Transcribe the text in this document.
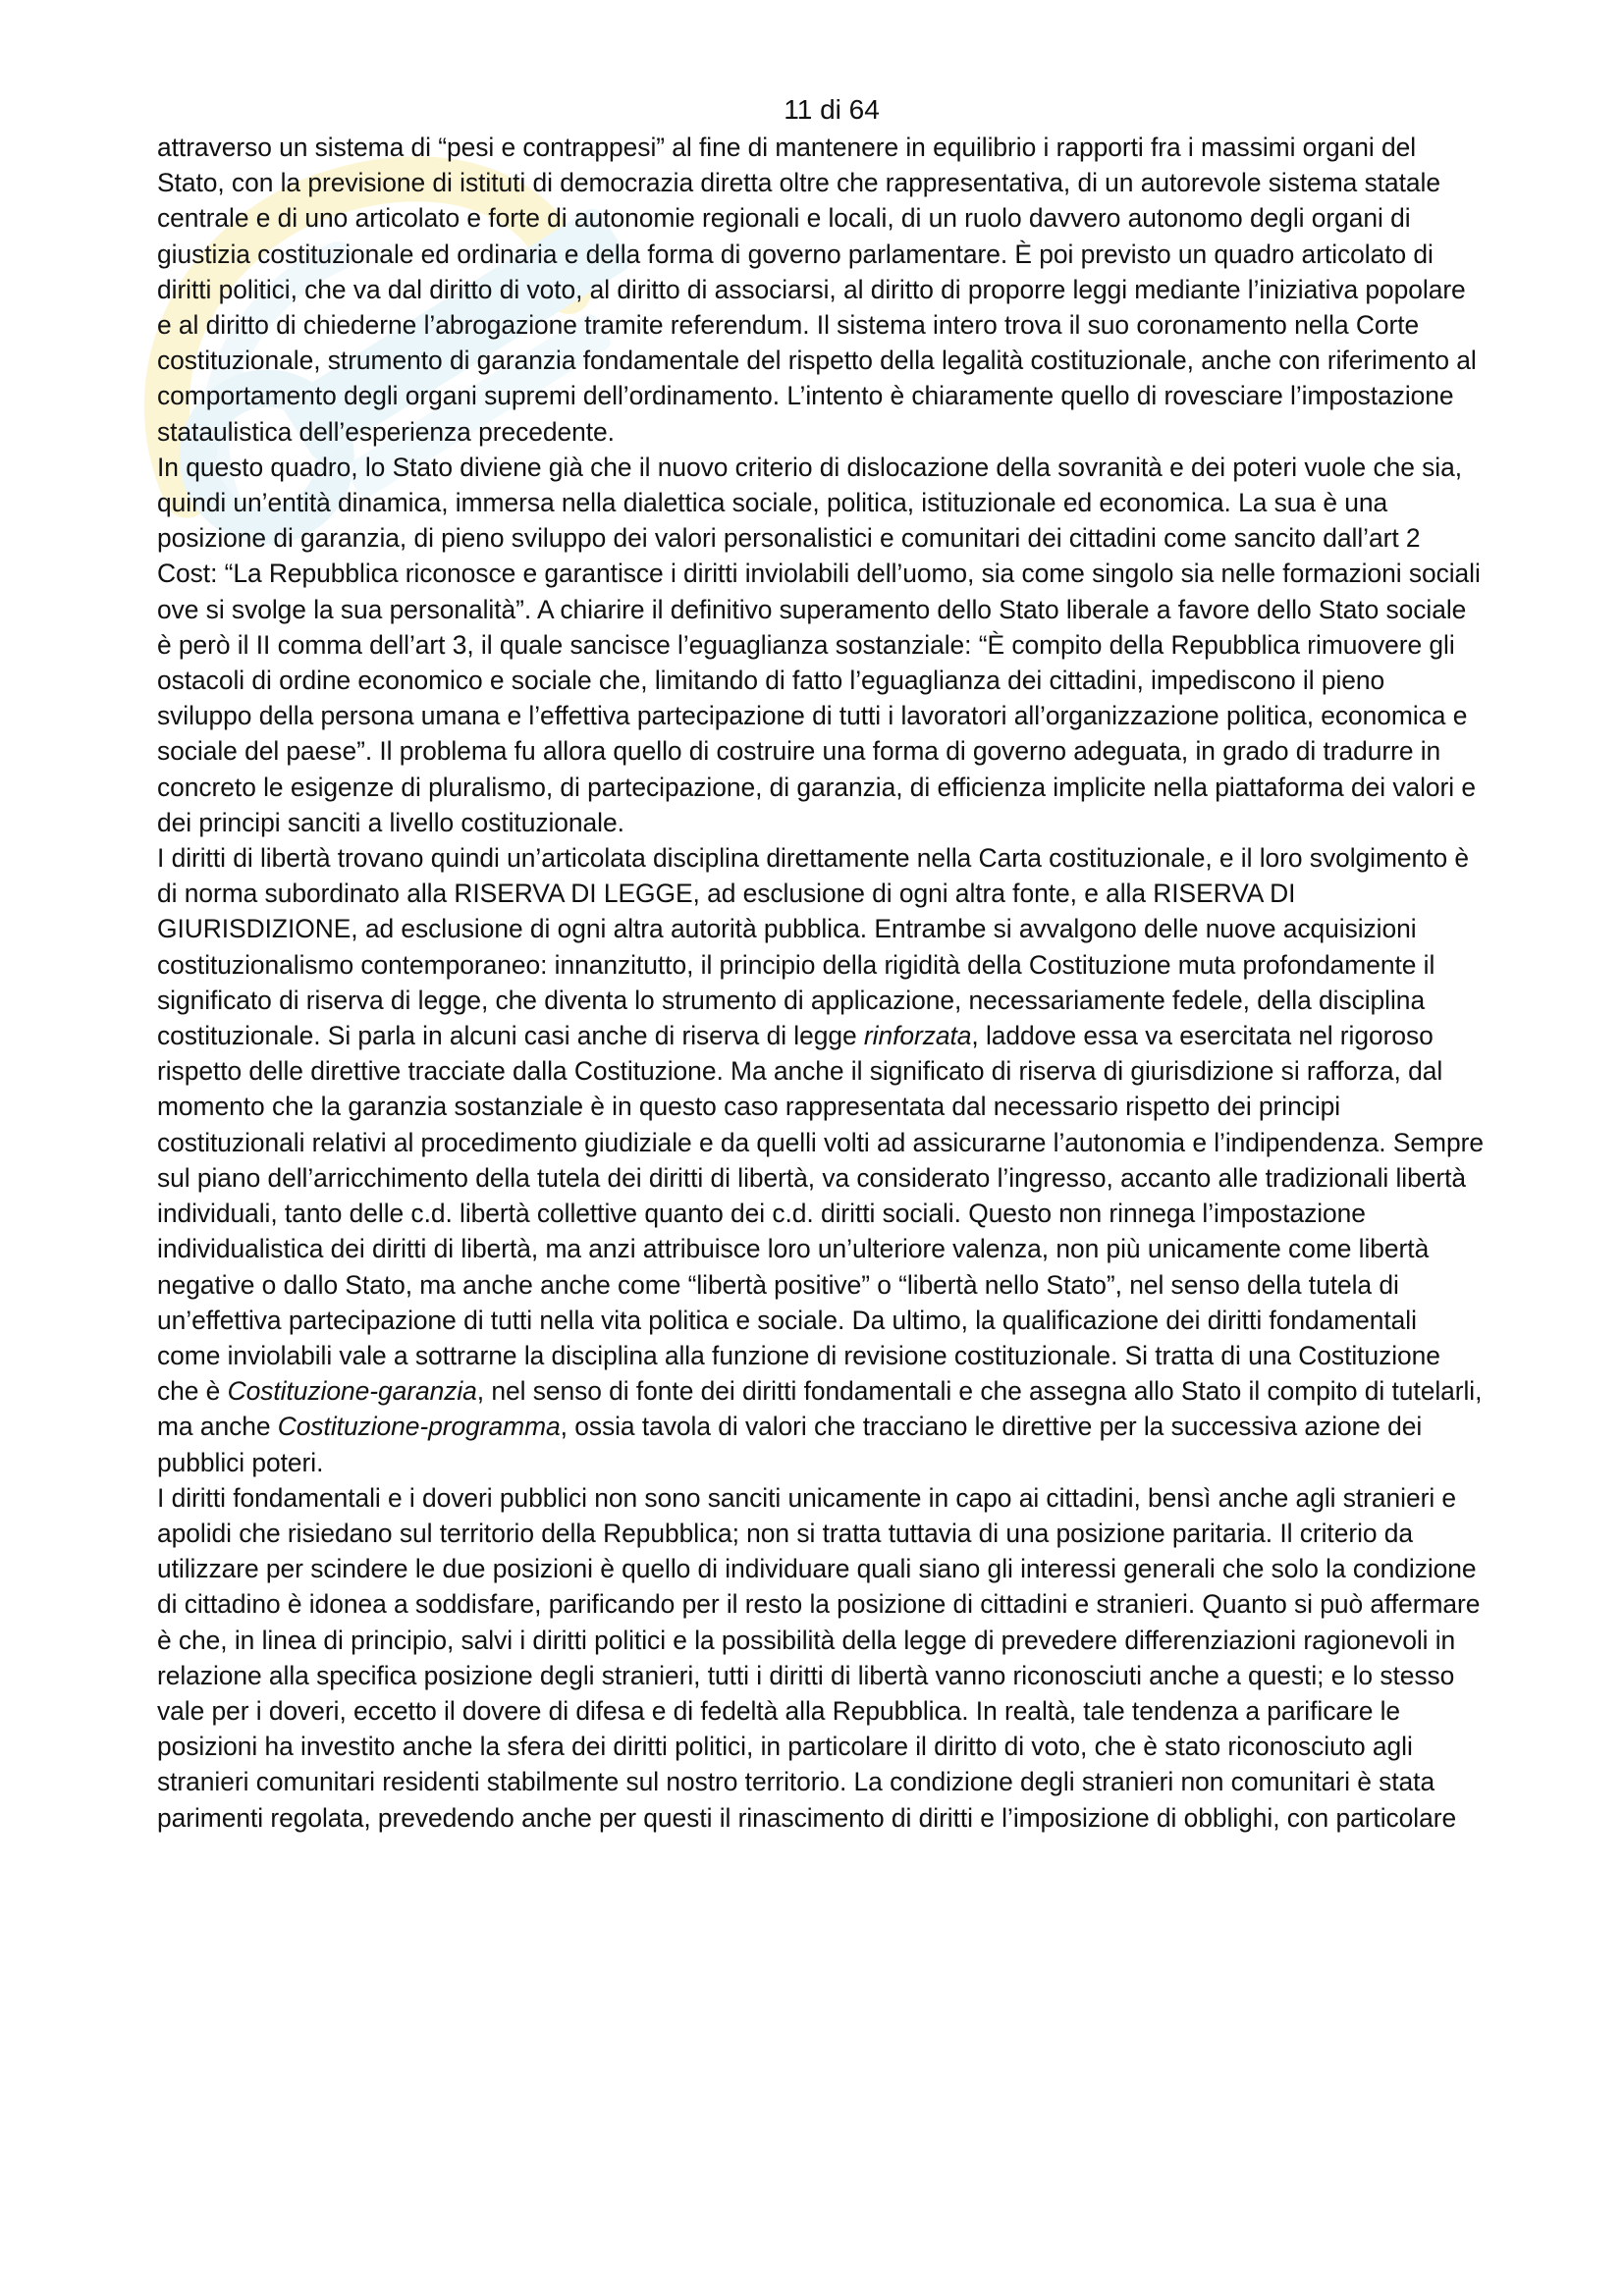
11 di 64

attraverso un sistema di “pesi e contrappesi” al fine di mantenere in equilibrio i rapporti fra i massimi organi del Stato, con la previsione di istituti di democrazia diretta oltre che rappresentativa, di un autorevole sistema statale centrale e di uno articolato e forte di autonomie regionali e locali, di un ruolo davvero autonomo degli organi di giustizia costituzionale ed ordinaria e della forma di governo parlamentare. È poi previsto un quadro articolato di diritti politici, che va dal diritto di voto, al diritto di associarsi, al diritto di proporre leggi mediante l’iniziativa popolare e al diritto di chiederne l’abrogazione tramite referendum. Il sistema intero trova il suo coronamento nella Corte costituzionale, strumento di garanzia fondamentale del rispetto della legalità costituzionale, anche con riferimento al comportamento degli organi supremi dell’ordinamento. L’intento è chiaramente quello di rovesciare l’impostazione stataulistica dell’esperienza precedente.

In questo quadro, lo Stato diviene già che il nuovo criterio di dislocazione della sovranità e dei poteri vuole che sia, quindi un’entità dinamica, immersa nella dialettica sociale, politica, istituzionale ed economica. La sua è una posizione di garanzia, di pieno sviluppo dei valori personalistici e comunitari dei cittadini come sancito dall’art 2 Cost: “La Repubblica riconosce e garantisce i diritti inviolabili dell’uomo, sia come singolo sia nelle formazioni sociali ove si svolge la sua personalità”. A chiarire il definitivo superamento dello Stato liberale a favore dello Stato sociale è però il II comma dell’art 3, il quale sancisce l’eguaglianza sostanziale: “È compito della Repubblica rimuovere gli ostacoli di ordine economico e sociale che, limitando di fatto l’eguaglianza dei cittadini, impediscono il pieno sviluppo della persona umana e l’effettiva partecipazione di tutti i lavoratori all’organizzazione politica, economica e sociale del paese”. Il problema fu allora quello di costruire una forma di governo adeguata, in grado di tradurre in concreto le esigenze di pluralismo, di partecipazione, di garanzia, di efficienza implicite nella piattaforma dei valori e dei principi sanciti a livello costituzionale.

I diritti di libertà trovano quindi un’articolata disciplina direttamente nella Carta costituzionale, e il loro svolgimento è di norma subordinato alla RISERVA DI LEGGE, ad esclusione di ogni altra fonte, e alla RISERVA DI GIURISDIZIONE, ad esclusione di ogni altra autorità pubblica. Entrambe si avvalgono delle nuove acquisizioni costituzionalismo contemporaneo: innanzitutto, il principio della rigidità della Costituzione muta profondamente il significato di riserva di legge, che diventa lo strumento di applicazione, necessariamente fedele, della disciplina costituzionale. Si parla in alcuni casi anche di riserva di legge rinforzata, laddove essa va esercitata nel rigoroso rispetto delle direttive tracciate dalla Costituzione. Ma anche il significato di riserva di giurisdizione si rafforza, dal momento che la garanzia sostanziale è in questo caso rappresentata dal necessario rispetto dei principi costituzionali relativi al procedimento giudiziale e da quelli volti ad assicurarne l’autonomia e l’indipendenza. Sempre sul piano dell’arricchimento della tutela dei diritti di libertà, va considerato l’ingresso, accanto alle tradizionali libertà individuali, tanto delle c.d. libertà collettive quanto dei c.d. diritti sociali. Questo non rinnega l’impostazione individualistica dei diritti di libertà, ma anzi attribuisce loro un’ulteriore valenza, non più unicamente come libertà negative o dallo Stato, ma anche anche come “libertà positive” o “libertà nello Stato”, nel senso della tutela di un’effettiva partecipazione di tutti nella vita politica e sociale. Da ultimo, la qualificazione dei diritti fondamentali come inviolabili vale a sottrarne la disciplina alla funzione di revisione costituzionale. Si tratta di una Costituzione che è Costituzione-garanzia, nel senso di fonte dei diritti fondamentali e che assegna allo Stato il compito di tutelarli, ma anche Costituzione-programma, ossia tavola di valori che tracciano le direttive per la successiva azione dei pubblici poteri.

I diritti fondamentali e i doveri pubblici non sono sanciti unicamente in capo ai cittadini, bensì anche agli stranieri e apolidi che risiedano sul territorio della Repubblica; non si tratta tuttavia di una posizione paritaria. Il criterio da utilizzare per scindere le due posizioni è quello di individuare quali siano gli interessi generali che solo la condizione di cittadino è idonea a soddisfare, parificando per il resto la posizione di cittadini e stranieri. Quanto si può affermare è che, in linea di principio, salvi i diritti politici e la possibilità della legge di prevedere differenziazioni ragionevoli in relazione alla specifica posizione degli stranieri, tutti i diritti di libertà vanno riconosciuti anche a questi; e lo stesso vale per i doveri, eccetto il dovere di difesa e di fedeltà alla Repubblica. In realtà, tale tendenza a parificare le posizioni ha investito anche la sfera dei diritti politici, in particolare il diritto di voto, che è stato riconosciuto agli stranieri comunitari residenti stabilmente sul nostro territorio. La condizione degli stranieri non comunitari è stata parimenti regolata, prevedendo anche per questi il rinascimento di diritti e l’imposizione di obblighi, con particolare
